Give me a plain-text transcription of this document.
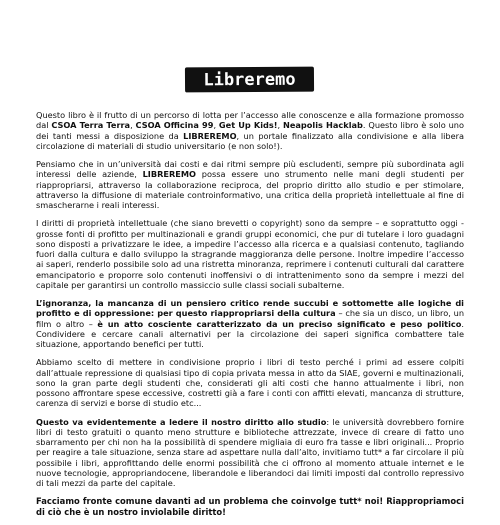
Libreremo

Questo libro è il frutto di un percorso di lotta per l’accesso alle conoscenze e alla formazione promosso dal CSOA Terra Terra, CSOA Officina 99, Get Up Kids!, Neapolis Hacklab. Questo libro è solo uno dei tanti messi a disposizione da LIBREREMO, un portale finalizzato alla condivisione e alla libera circolazione di materiali di studio universitario (e non solo!).

Pensiamo che in un’università dai costi e dai ritmi sempre più escludenti, sempre più subordinata agli interessi delle aziende, LIBREREMO possa essere uno strumento nelle mani degli studenti per riappropriarsi, attraverso la collaborazione reciproca, del proprio diritto allo studio e per stimolare, attraverso la diffusione di materiale controinformativo, una critica della proprietà intellettuale al fine di smascherarne i reali interessi.

I diritti di proprietà intellettuale (che siano brevetti o copyright) sono da sempre – e soprattutto oggi - grosse fonti di profitto per multinazionali e grandi gruppi economici, che pur di tutelare i loro guadagni sono disposti a privatizzare le idee, a impedire l’accesso alla ricerca e a qualsiasi contenuto, tagliando fuori dalla cultura e dallo sviluppo la stragrande maggioranza delle persone. Inoltre impedire l’accesso ai saperi, renderlo possibile solo ad una ristretta minoranza, reprimere i contenuti culturali dal carattere emancipatorio e proporre solo contenuti inoffensivi o di intrattenimento sono da sempre i mezzi del capitale per garantirsi un controllo massiccio sulle classi sociali subalterne.

L’ignoranza, la mancanza di un pensiero critico rende succubi e sottomette alle logiche di profitto e di oppressione: per questo riappropriarsi della cultura – che sia un disco, un libro, un film o altro – è un atto cosciente caratterizzato da un preciso significato e peso politico. Condividere e cercare canali alternativi per la circolazione dei saperi significa combattere tale situazione, apportando benefici per tutti.

Abbiamo scelto di mettere in condivisione proprio i libri di testo perché i primi ad essere colpiti dall’attuale repressione di qualsiasi tipo di copia privata messa in atto da SIAE, governi e multinazionali, sono la gran parte degli studenti che, considerati gli alti costi che hanno attualmente i libri, non possono affrontare spese eccessive, costretti già a fare i conti con affitti elevati, mancanza di strutture, carenza di servizi e borse di studio etc...

Questo va evidentemente a ledere il nostro diritto allo studio: le università dovrebbero fornire libri di testo gratuiti o quanto meno strutture e biblioteche attrezzate, invece di creare di fatto uno sbarramento per chi non ha la possibilità di spendere migliaia di euro fra tasse e libri originali... Proprio per reagire a tale situazione, senza stare ad aspettare nulla dall’alto, invitiamo tutt* a far circolare il più possibile i libri, approfittando delle enormi possibilità che ci offrono al momento attuale internet e le nuove tecnologie, appropriandocene, liberandole e liberandoci dai limiti imposti dal controllo repressivo di tali mezzi da parte del capitale.

Facciamo fronte comune davanti ad un problema che coinvolge tutt* noi! Riappropriamoci di ciò che è un nostro inviolabile diritto!
